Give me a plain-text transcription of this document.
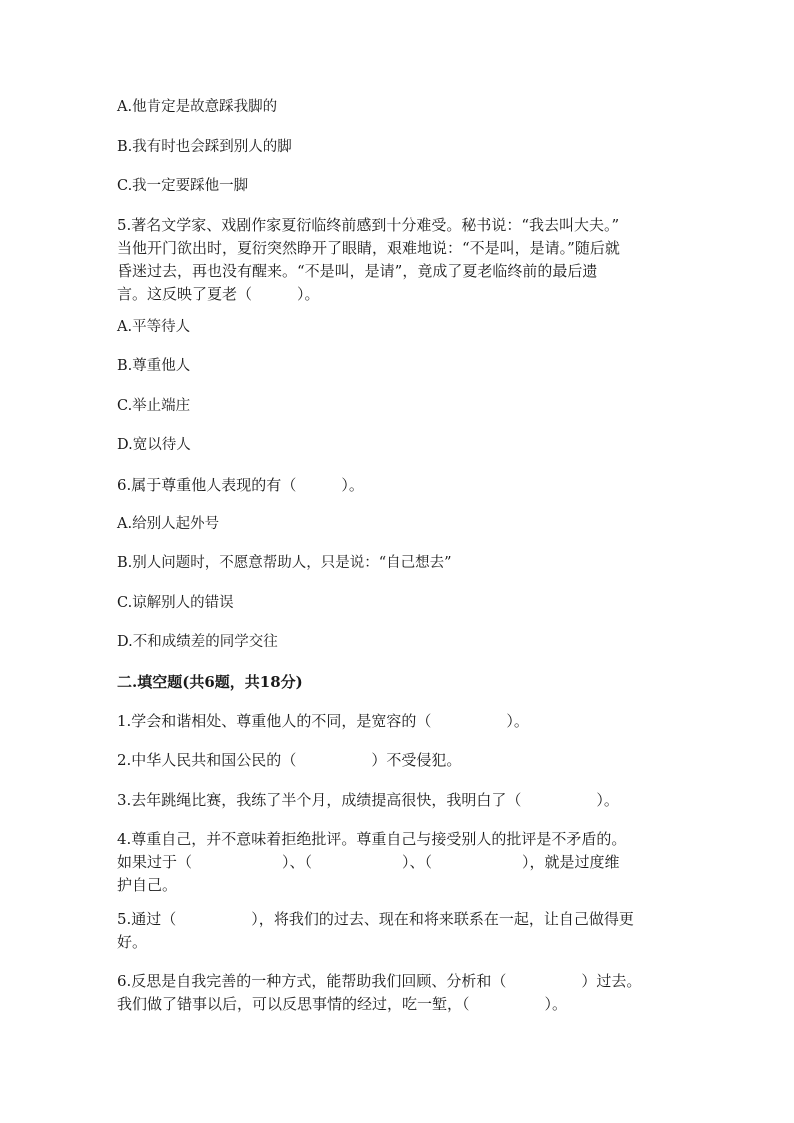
A.他肯定是故意踩我脚的
B.我有时也会踩到别人的脚
C.我一定要踩他一脚
5.著名文学家、戏剧作家夏衍临终前感到十分难受。秘书说：“我去叫大夫。”
当他开门欲出时，夏衍突然睁开了眼睛，艰难地说：“不是叫，是请。”随后就
昏迷过去，再也没有醒来。“不是叫，是请”，竟成了夏老临终前的最后遗
言。这反映了夏老（　　　）。
A.平等待人
B.尊重他人
C.举止端庄
D.宽以待人
6.属于尊重他人表现的有（　　　）。
A.给别人起外号
B.别人问题时，不愿意帮助人，只是说：“自己想去”
C.谅解别人的错误
D.不和成绩差的同学交往
二.填空题(共6题，共18分)
1.学会和谐相处、尊重他人的不同，是宽容的（　　　　　）。
2.中华人民共和国公民的（　　　　　）不受侵犯。
3.去年跳绳比赛，我练了半个月，成绩提高很快，我明白了（　　　　　）。
4.尊重自己，并不意味着拒绝批评。尊重自己与接受别人的批评是不矛盾的。
如果过于（　　　　　　）、（　　　　　　）、（　　　　　　），就是过度维
护自己。
5.通过（　　　　　），将我们的过去、现在和将来联系在一起，让自己做得更
好。
6.反思是自我完善的一种方式，能帮助我们回顾、分析和（　　　　　）过去。
我们做了错事以后，可以反思事情的经过，吃一堑，（　　　　　）。
